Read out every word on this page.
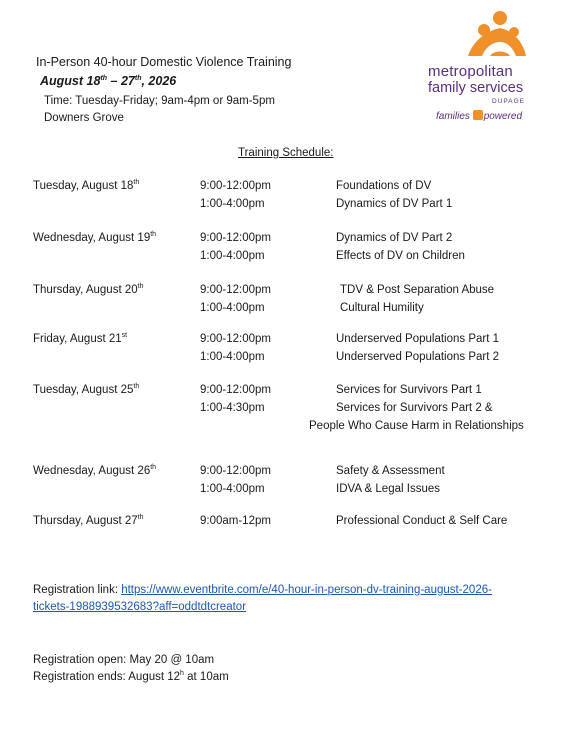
In-Person 40-hour Domestic Violence Training
August 18th – 27th, 2026
Time: Tuesday-Friday; 9am-4pm or 9am-5pm
Downers Grove
metropolitan
family services
DUPAGE
families powered
Training Schedule:
Tuesday, August 18th	9:00-12:00pm	Foundations of DV
1:00-4:00pm	Dynamics of DV Part 1
Wednesday, August 19th	9:00-12:00pm	Dynamics of DV Part 2
1:00-4:00pm	Effects of DV on Children
Thursday, August 20th	9:00-12:00pm	TDV & Post Separation Abuse
1:00-4:00pm	Cultural Humility
Friday, August 21st	9:00-12:00pm	Underserved Populations Part 1
1:00-4:00pm	Underserved Populations Part 2
Tuesday, August 25th	9:00-12:00pm	Services for Survivors Part 1
1:00-4:30pm	Services for Survivors Part 2 &
People Who Cause Harm in Relationships
Wednesday, August 26th	9:00-12:00pm	Safety & Assessment
1:00-4:00pm	IDVA & Legal Issues
Thursday, August 27th	9:00am-12pm	Professional Conduct & Self Care
Registration link: https://www.eventbrite.com/e/40-hour-in-person-dv-training-august-2026-
tickets-1988939532683?aff=oddtdtcreator
Registration open: May 20 @ 10am
Registration ends: August 12$^h$ at 10am
